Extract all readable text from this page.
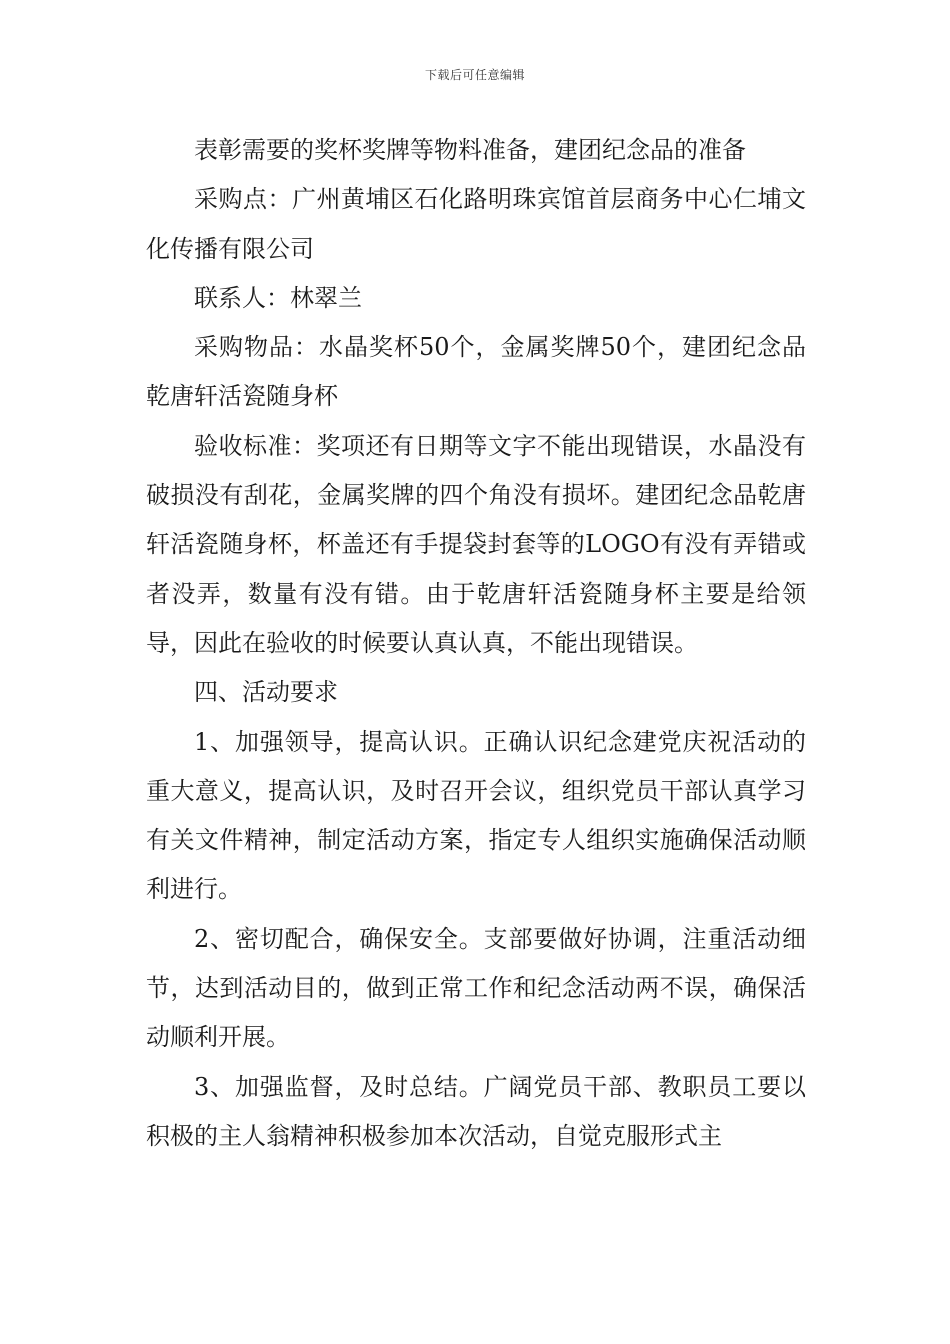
下载后可任意编辑

表彰需要的奖杯奖牌等物料准备，建团纪念品的准备

采购点：广州黄埔区石化路明珠宾馆首层商务中心仁埔文化传播有限公司

联系人：林翠兰

采购物品：水晶奖杯50个，金属奖牌50个，建团纪念品乾唐轩活瓷随身杯

验收标准：奖项还有日期等文字不能出现错误，水晶没有破损没有刮花，金属奖牌的四个角没有损坏。建团纪念品乾唐轩活瓷随身杯，杯盖还有手提袋封套等的LOGO有没有弄错或者没弄，数量有没有错。由于乾唐轩活瓷随身杯主要是给领导，因此在验收的时候要认真认真，不能出现错误。

四、活动要求

1、加强领导，提高认识。正确认识纪念建党庆祝活动的重大意义，提高认识，及时召开会议，组织党员干部认真学习有关文件精神，制定活动方案，指定专人组织实施确保活动顺利进行。

2、密切配合，确保安全。支部要做好协调，注重活动细节，达到活动目的，做到正常工作和纪念活动两不误，确保活动顺利开展。

3、加强监督，及时总结。广阔党员干部、教职员工要以积极的主人翁精神积极参加本次活动，自觉克服形式主
